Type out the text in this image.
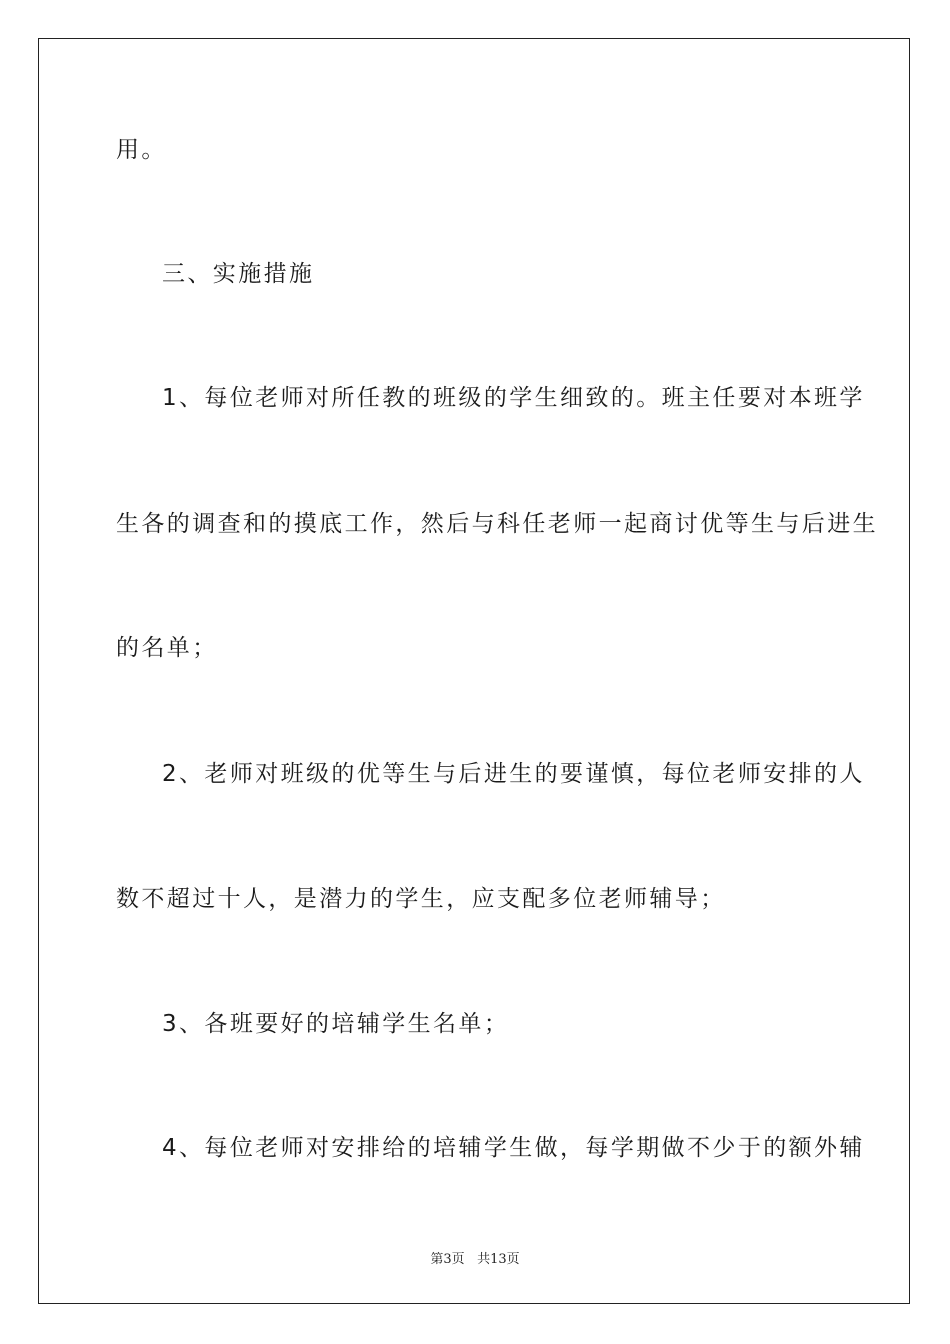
用。
三、实施措施
1、每位老师对所任教的班级的学生细致的。班主任要对本班学
生各的调查和的摸底工作，然后与科任老师一起商讨优等生与后进生
的名单；
2、老师对班级的优等生与后进生的要谨慎，每位老师安排的人
数不超过十人，是潜力的学生，应支配多位老师辅导；
3、各班要好的培辅学生名单；
4、每位老师对安排给的培辅学生做，每学期做不少于的额外辅
第3页 共13页
